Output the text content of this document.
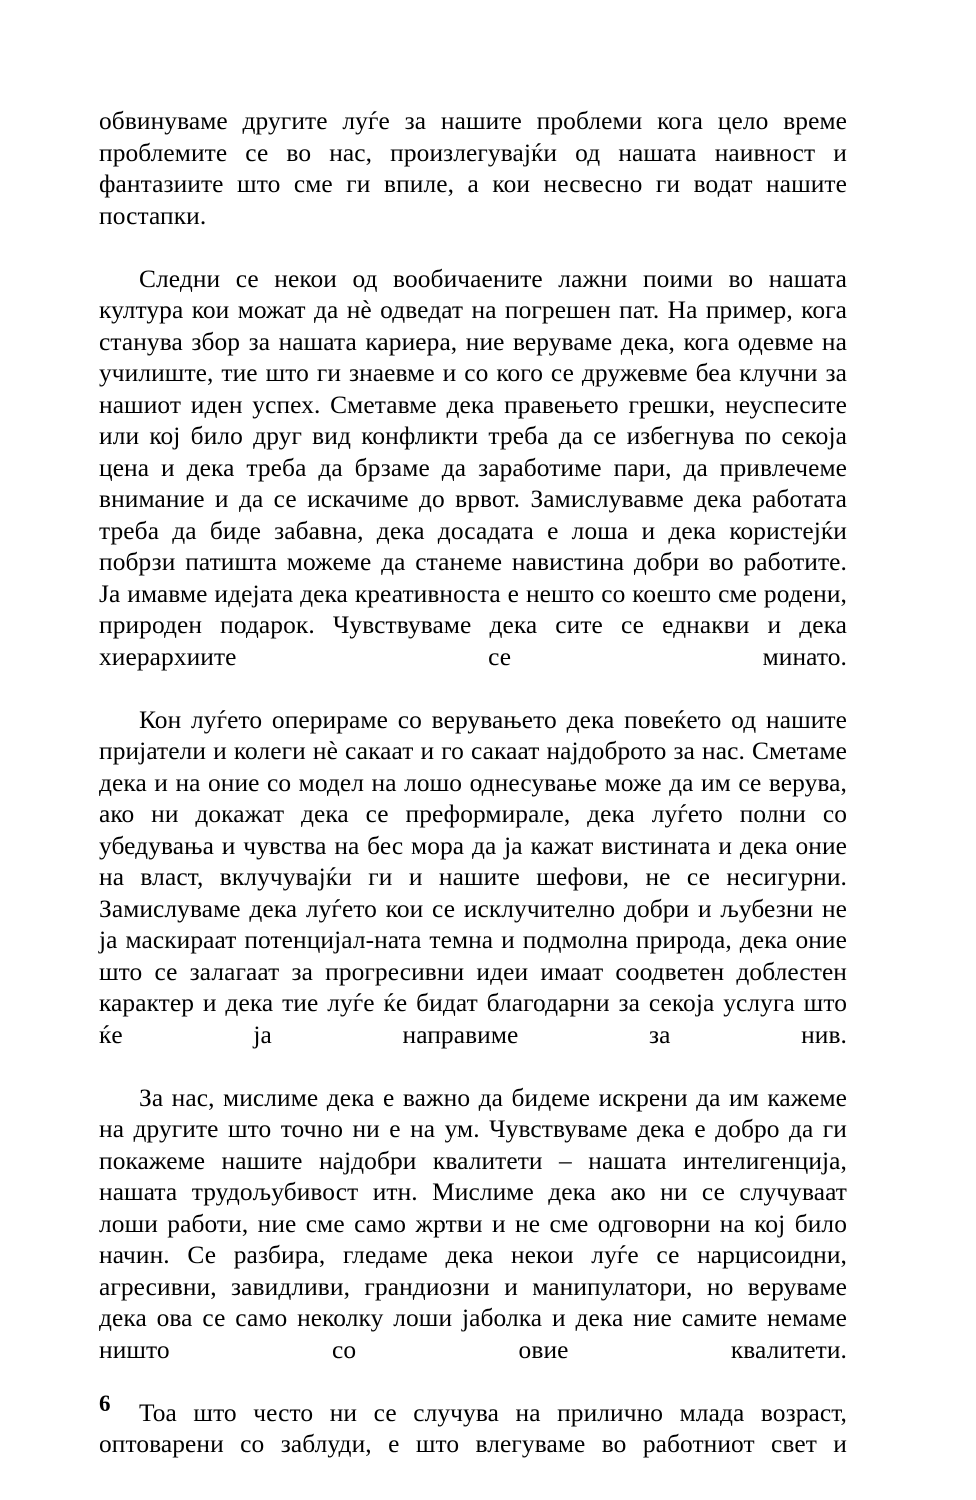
обвинуваме другите луѓе за нашите проблеми кога цело време проблемите се во нас, произлегувајќи од нашата наивност и фантазиите што сме ги впиле, а кои несвесно ги водат нашите постапки.

Следни се некои од вообичаените лажни поими во нашата култура кои можат да нè одведат на погрешен пат. На пример, кога станува збор за нашата кариера, ние веруваме дека, кога одевме на училиште, тие што ги знаевме и со кого се дружевме беа клучни за нашиот иден успех. Сметавме дека правењето грешки, неуспесите или кој било друг вид конфликти треба да се избегнува по секоја цена и дека треба да брзаме да заработиме пари, да привлечеме внимание и да се искачиме до врвот. Замислувавме дека работата треба да биде забавна, дека досадата е лоша и дека користејќи побрзи патишта можеме да станеме навистина добри во работите. Ја имавме идејата дека креативноста е нешто со коешто сме родени, природен подарок. Чувствуваме дека сите се еднакви и дека хиерархиите се минато.

Кон луѓето оперираме со верувањето дека повеќето од нашите пријатели и колеги нè сакаат и го сакаат најдоброто за нас. Сметаме дека и на оние со модел на лошо однесување може да им се верува, ако ни докажат дека се преформирале, дека луѓето полни со убедувања и чувства на бес мора да ја кажат вистината и дека оние на власт, вклучувајќи ги и нашите шефови, не се несигурни. Замислуваме дека луѓето кои се исклучително добри и љубезни не ја маскираат потенцијал-ната темна и подмолна природа, дека оние што се залагаат за прогресивни идеи имаат соодветен доблестен карактер и дека тие луѓе ќе бидат благодарни за секоја услуга што ќе ја направиме за нив.

За нас, мислиме дека е важно да бидеме искрени да им кажеме на другите што точно ни е на ум. Чувствуваме дека е добро да ги покажеме нашите најдобри квалитети – нашата интелигенција, нашата трудољубивост итн. Мислиме дека ако ни се случуваат лоши работи, ние сме само жртви и не сме одговорни на кој било начин. Се разбира, гледаме дека некои луѓе се нарцисоидни, агресивни, завидливи, грандиозни и манипулатори, но веруваме дека ова се само неколку лоши јаболка и дека ние самите немаме ништо со овие квалитети.

Тоа што често ни се случува на прилично млада возраст, оптоварени со заблуди, е што влегуваме во работниот свет и

6
